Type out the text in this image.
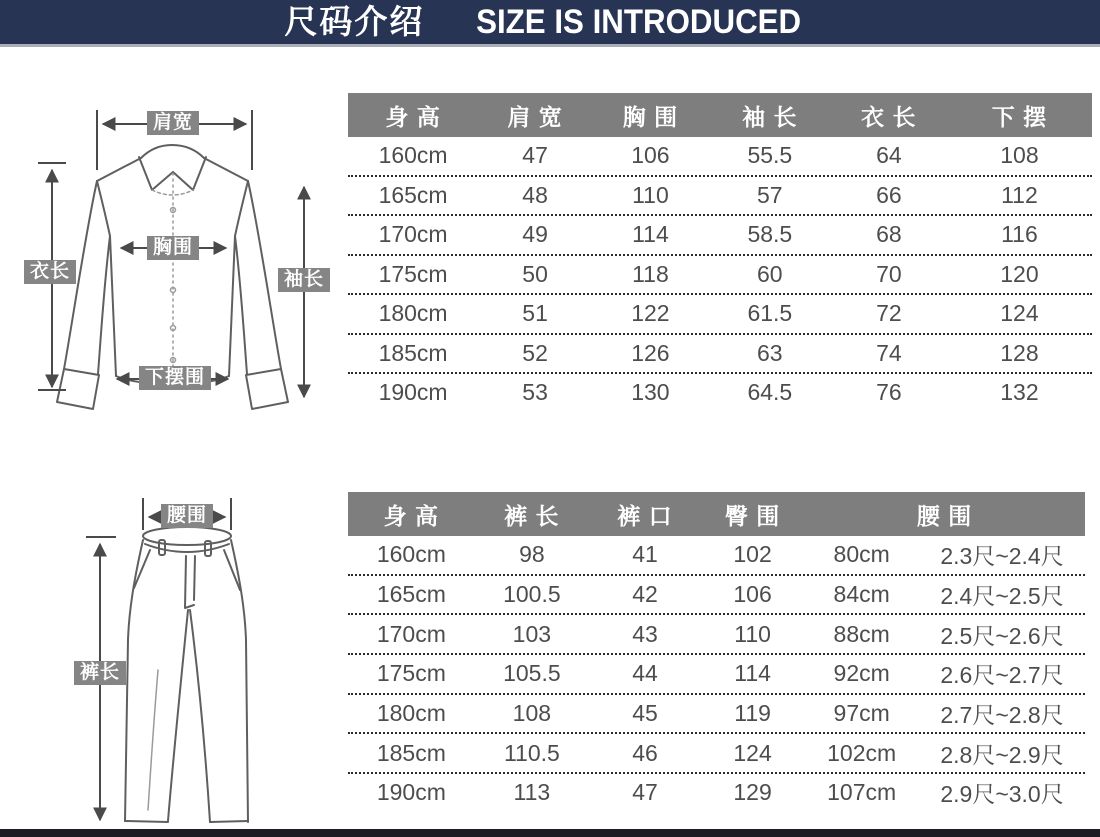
尺码介绍 SIZE IS INTRODUCED
肩宽
胸围
衣长	袖长
下摆围
身 高	肩 宽	胸 围	袖 长	衣 长	下 摆
160cm	47	106	55.5	64	108
165cm	48	110	57	66	112
170cm	49	114	58.5	68	116
175cm	50	118	60	70	120
180cm	51	122	61.5	72	124
185cm	52	126	63	74	128
190cm	53	130	64.5	76	132
腰围
裤长
身 高	裤 长	裤 口	臀 围	腰 围
160cm	98	41	102	80cm	2.3尺~2.4尺
165cm	100.5	42	106	84cm	2.4尺~2.5尺
170cm	103	43	110	88cm	2.5尺~2.6尺
175cm	105.5	44	114	92cm	2.6尺~2.7尺
180cm	108	45	119	97cm	2.7尺~2.8尺
185cm	110.5	46	124	102cm	2.8尺~2.9尺
190cm	113	47	129	107cm	2.9尺~3.0尺
